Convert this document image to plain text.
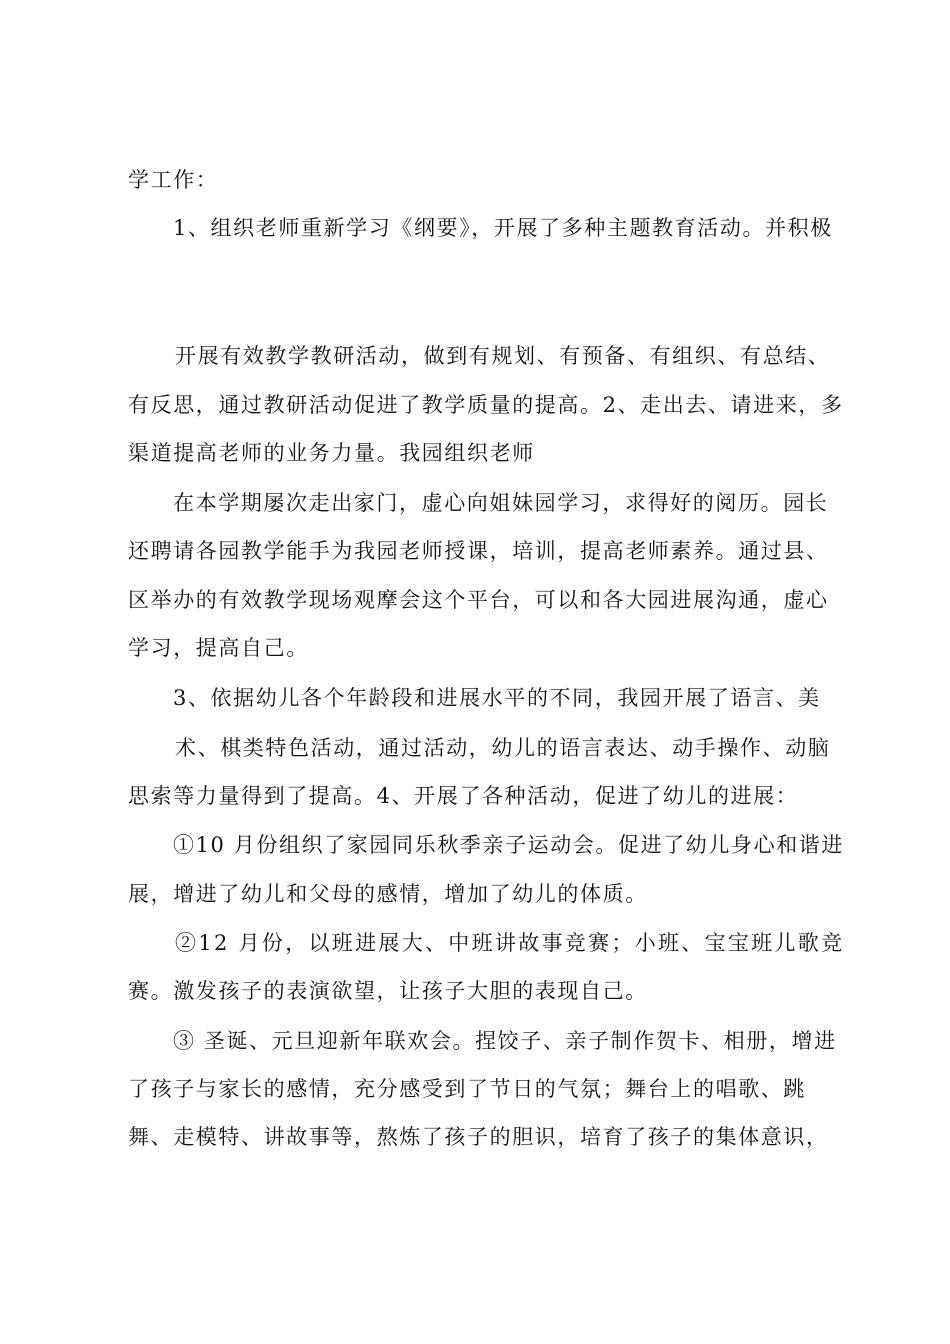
学工作：
1、组织老师重新学习《纲要》，开展了多种主题教育活动。并积极
开展有效教学教研活动，做到有规划、有预备、有组织、有总结、
有反思，通过教研活动促进了教学质量的提高。2、走出去、请进来，多
渠道提高老师的业务力量。我园组织老师
在本学期屡次走出家门，虚心向姐妹园学习，求得好的阅历。园长
还聘请各园教学能手为我园老师授课，培训，提高老师素养。通过县、
区举办的有效教学现场观摩会这个平台，可以和各大园进展沟通，虚心
学习，提高自己。
3、依据幼儿各个年龄段和进展水平的不同，我园开展了语言、美
术、棋类特色活动，通过活动，幼儿的语言表达、动手操作、动脑
思索等力量得到了提高。4、开展了各种活动，促进了幼儿的进展：
①10 月份组织了家园同乐秋季亲子运动会。促进了幼儿身心和谐进
展，增进了幼儿和父母的感情，增加了幼儿的体质。
②12 月份，以班进展大、中班讲故事竞赛；小班、宝宝班儿歌竞
赛。激发孩子的表演欲望，让孩子大胆的表现自己。
③ 圣诞、元旦迎新年联欢会。捏饺子、亲子制作贺卡、相册，增进
了孩子与家长的感情，充分感受到了节日的气氛；舞台上的唱歌、跳
舞、走模特、讲故事等，熬炼了孩子的胆识，培育了孩子的集体意识，
